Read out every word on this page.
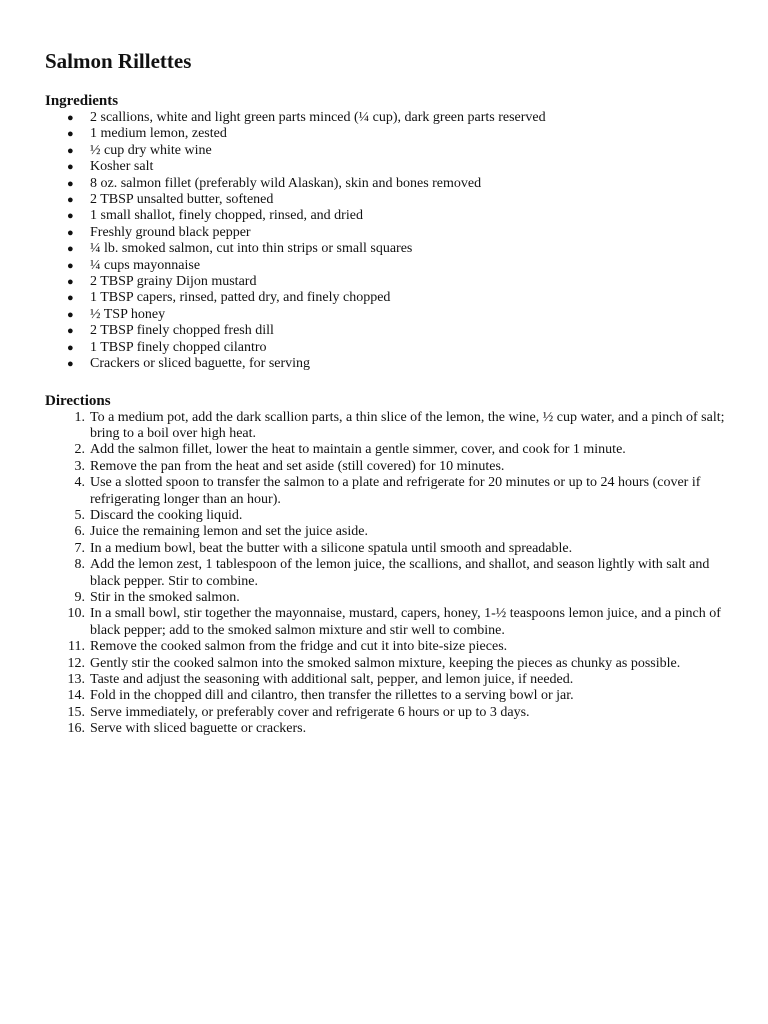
Salmon Rillettes
Ingredients
● 2 scallions, white and light green parts minced (¼ cup), dark green parts reserved
● 1 medium lemon, zested
● ½ cup dry white wine
● Kosher salt
● 8 oz. salmon fillet (preferably wild Alaskan), skin and bones removed
● 2 TBSP unsalted butter, softened
● 1 small shallot, finely chopped, rinsed, and dried
● Freshly ground black pepper
● ¼ lb. smoked salmon, cut into thin strips or small squares
● ¼ cups mayonnaise
● 2 TBSP grainy Dijon mustard
● 1 TBSP capers, rinsed, patted dry, and finely chopped
● ½ TSP honey
● 2 TBSP finely chopped fresh dill
● 1 TBSP finely chopped cilantro
● Crackers or sliced baguette, for serving
Directions
1. To a medium pot, add the dark scallion parts, a thin slice of the lemon, the wine, ½ cup water, and a pinch of salt; bring to a boil over high heat.
2. Add the salmon fillet, lower the heat to maintain a gentle simmer, cover, and cook for 1 minute.
3. Remove the pan from the heat and set aside (still covered) for 10 minutes.
4. Use a slotted spoon to transfer the salmon to a plate and refrigerate for 20 minutes or up to 24 hours (cover if refrigerating longer than an hour).
5. Discard the cooking liquid.
6. Juice the remaining lemon and set the juice aside.
7. In a medium bowl, beat the butter with a silicone spatula until smooth and spreadable.
8. Add the lemon zest, 1 tablespoon of the lemon juice, the scallions, and shallot, and season lightly with salt and black pepper. Stir to combine.
9. Stir in the smoked salmon.
10. In a small bowl, stir together the mayonnaise, mustard, capers, honey, 1-½ teaspoons lemon juice, and a pinch of black pepper; add to the smoked salmon mixture and stir well to combine.
11. Remove the cooked salmon from the fridge and cut it into bite-size pieces.
12. Gently stir the cooked salmon into the smoked salmon mixture, keeping the pieces as chunky as possible.
13. Taste and adjust the seasoning with additional salt, pepper, and lemon juice, if needed.
14. Fold in the chopped dill and cilantro, then transfer the rillettes to a serving bowl or jar.
15. Serve immediately, or preferably cover and refrigerate 6 hours or up to 3 days.
16. Serve with sliced baguette or crackers.
